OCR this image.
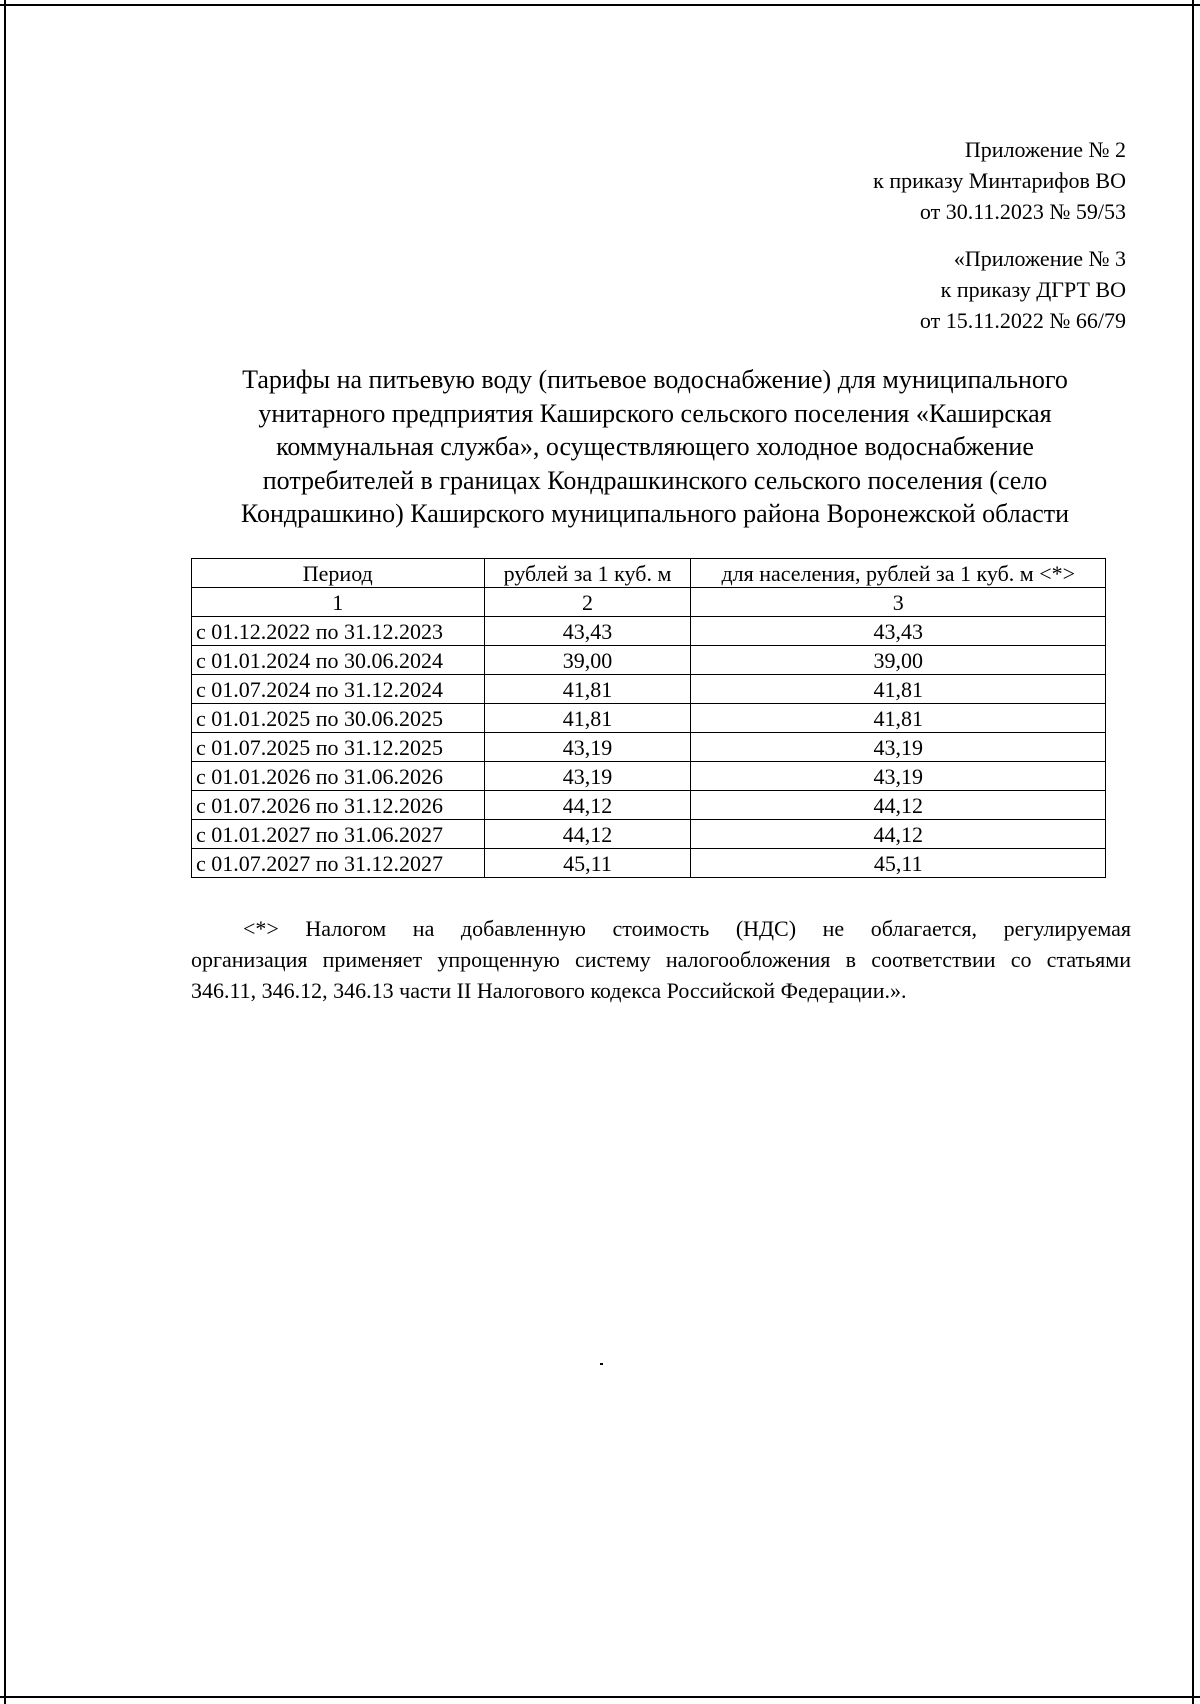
Приложение № 2
к приказу Минтарифов ВО
от 30.11.2023 № 59/53
«Приложение № 3
к приказу ДГРТ ВО
от 15.11.2022 № 66/79
Тарифы на питьевую воду (питьевое водоснабжение) для муниципального
унитарного предприятия Каширского сельского поселения «Каширская
коммунальная служба», осуществляющего холодное водоснабжение
потребителей в границах Кондрашкинского сельского поселения (село
Кондрашкино) Каширского муниципального района Воронежской области
Период	рублей за 1 куб. м	для населения, рублей за 1 куб. м <*>
1	2	3
с 01.12.2022 по 31.12.2023	43,43	43,43
с 01.01.2024 по 30.06.2024	39,00	39,00
с 01.07.2024 по 31.12.2024	41,81	41,81
с 01.01.2025 по 30.06.2025	41,81	41,81
с 01.07.2025 по 31.12.2025	43,19	43,19
с 01.01.2026 по 31.06.2026	43,19	43,19
с 01.07.2026 по 31.12.2026	44,12	44,12
с 01.01.2027 по 31.06.2027	44,12	44,12
с 01.07.2027 по 31.12.2027	45,11	45,11
<*> Налогом на добавленную стоимость (НДС) не облагается, регулируемая
организация применяет упрощенную систему налогообложения в соответствии со статьями
346.11, 346.12, 346.13 части II Налогового кодекса Российской Федерации.».
